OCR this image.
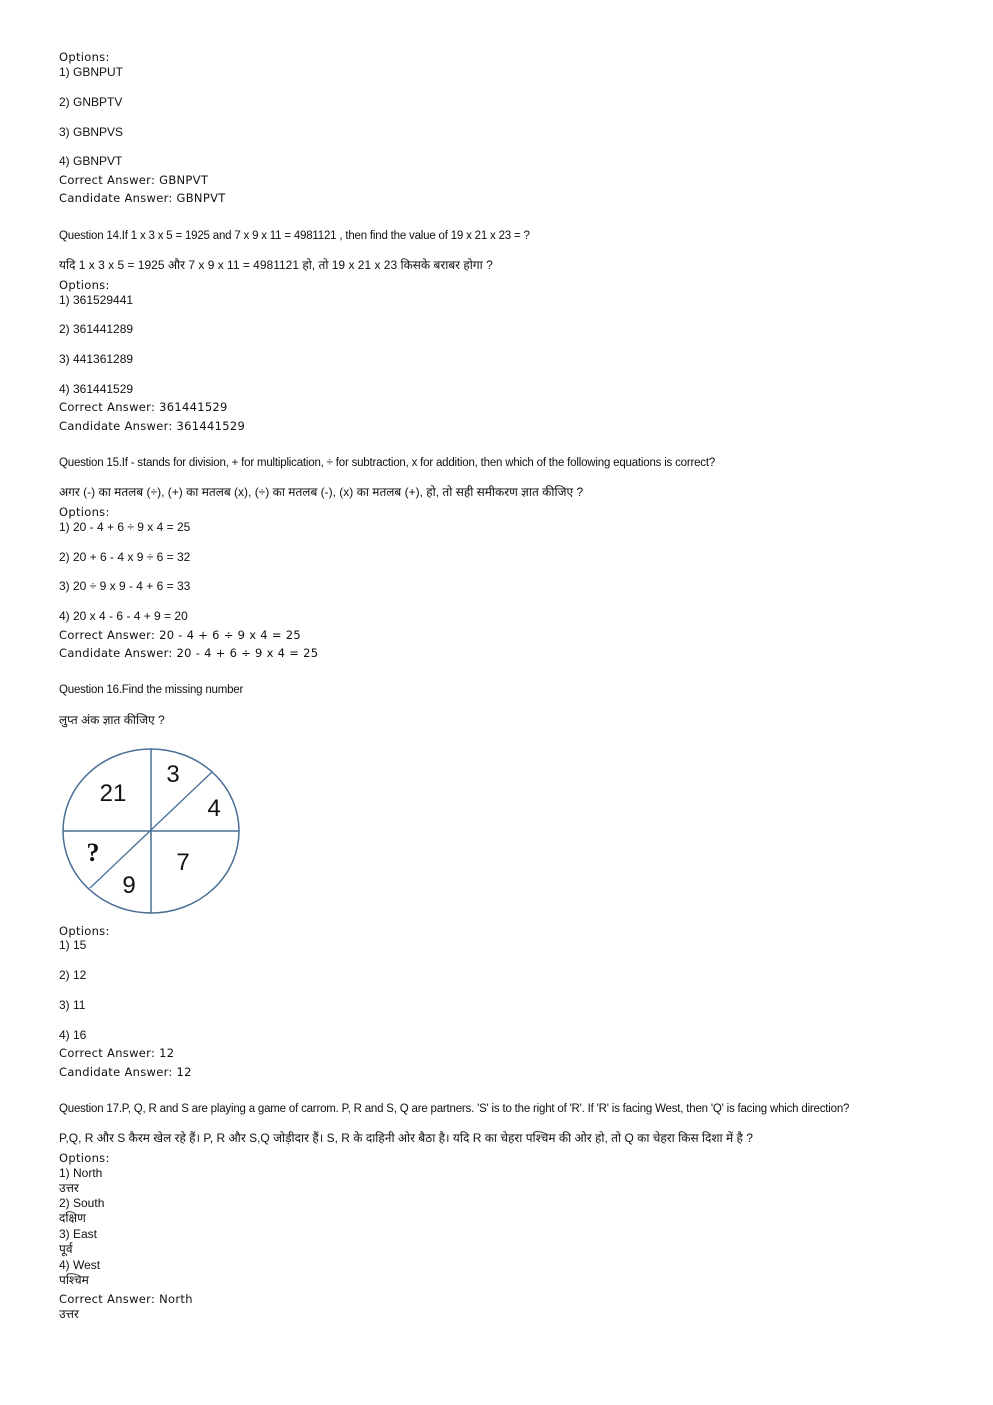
Options:
1) GBNPUT
2) GNBPTV
3) GBNPVS
4) GBNPVT
Correct Answer: GBNPVT
Candidate Answer: GBNPVT
Question 14.If 1 x 3 x 5 = 1925 and 7 x 9 x 11 = 4981121 , then find the value of 19 x 21 x 23 = ?
यदि 1 x 3 x 5 = 1925 और 7 x 9 x 11 = 4981121 हो, तो 19 x 21 x 23 किसके बराबर होगा ?
Options:
1) 361529441
2) 361441289
3) 441361289
4) 361441529
Correct Answer: 361441529
Candidate Answer: 361441529
Question 15.If - stands for division, + for multiplication, ÷ for subtraction, x for addition, then which of the following equations is correct?
अगर (-) का मतलब (÷), (+) का मतलब (x), (÷) का मतलब (-), (x) का मतलब (+), हो, तो सही समीकरण ज्ञात कीजिए ?
Options:
1) 20 - 4 + 6 ÷ 9 x 4 = 25
2) 20 + 6 - 4 x 9 ÷ 6 = 32
3) 20 ÷ 9 x 9 - 4 + 6 = 33
4) 20 x 4 - 6 - 4 + 9 = 20
Correct Answer: 20 - 4 + 6 ÷ 9 x 4 = 25
Candidate Answer: 20 - 4 + 6 ÷ 9 x 4 = 25
Question 16.Find the missing number
लुप्त अंक ज्ञात कीजिए ?
21
3
4
?
9
7
Options:
1) 15
2) 12
3) 11
4) 16
Correct Answer: 12
Candidate Answer: 12
Question 17.P, Q, R and S are playing a game of carrom. P, R and S, Q are partners. 'S' is to the right of 'R'. If 'R' is facing West, then 'Q' is facing which direction?
P,Q, R और S कैरम खेल रहे हैं। P, R और S,Q जोड़ीदार हैं। S, R के दाहिनी ओर बैठा है। यदि R का चेहरा पश्चिम की ओर हो, तो Q का चेहरा किस दिशा में है ?
Options:
1) North
उत्तर
2) South
दक्षिण
3) East
पूर्व
4) West
पश्चिम
Correct Answer: North
उत्तर
